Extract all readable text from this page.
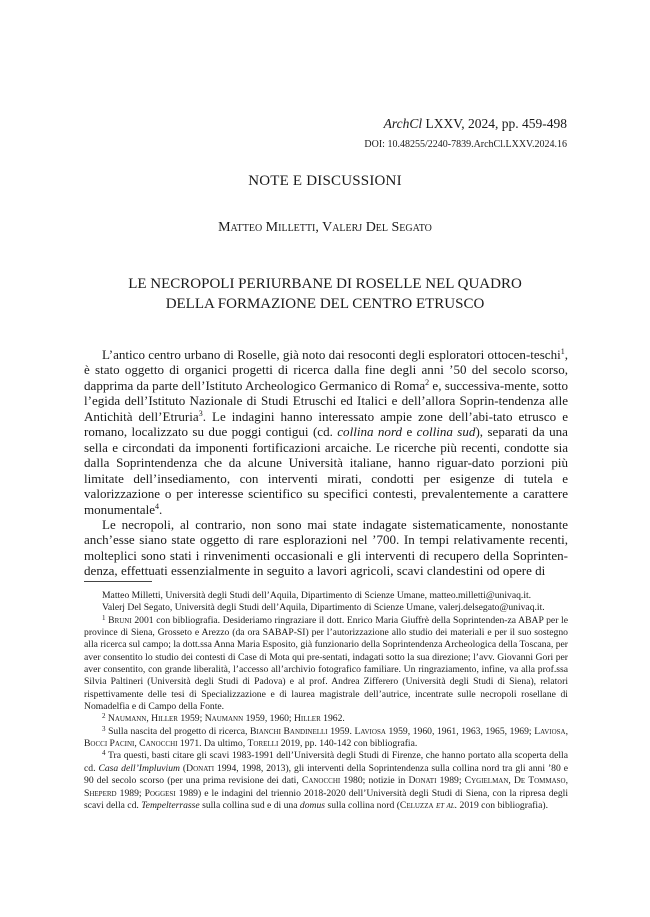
ArchCl LXXV, 2024, pp. 459-498
DOI: 10.48255/2240-7839.ArchCl.LXXV.2024.16
NOTE E DISCUSSIONI
Matteo Milletti, Valerj Del Segato
LE NECROPOLI PERIURBANE DI ROSELLE NEL QUADRO
DELLA FORMAZIONE DEL CENTRO ETRUSCO

L’antico centro urbano di Roselle, già noto dai resoconti degli esploratori ottocen-teschi$^1$, è stato oggetto di organici progetti di ricerca dalla fine degli anni ’50 del secolo scorso, dapprima da parte dell’Istituto Archeologico Germanico di Roma$^2$ e, successiva-mente, sotto l’egida dell’Istituto Nazionale di Studi Etruschi ed Italici e dell’allora Soprin-tendenza alle Antichità dell’Etruria$^3$. Le indagini hanno interessato ampie zone dell’abi-tato etrusco e romano, localizzato su due poggi contigui (cd. collina nord e collina sud), separati da una sella e circondati da imponenti fortificazioni arcaiche. Le ricerche più recenti, condotte sia dalla Soprintendenza che da alcune Università italiane, hanno riguar-dato porzioni più limitate dell’insediamento, con interventi mirati, condotti per esigenze di tutela e valorizzazione o per interesse scientifico su specifici contesti, prevalentemente a carattere monumentale$^4$.

Le necropoli, al contrario, non sono mai state indagate sistematicamente, nonostante anch’esse siano state oggetto di rare esplorazioni nel ’700. In tempi relativamente recenti, molteplici sono stati i rinvenimenti occasionali e gli interventi di recupero della Soprinten-denza, effettuati essenzialmente in seguito a lavori agricoli, scavi clandestini od opere di

Matteo Milletti, Università degli Studi dell’Aquila, Dipartimento di Scienze Umane, matteo.milletti@univaq.it.

Valerj Del Segato, Università degli Studi dell’Aquila, Dipartimento di Scienze Umane, valerj.delsegato@univaq.it.

$^1$ Bruni 2001 con bibliografia. Desideriamo ringraziare il dott. Enrico Maria Giuffrè della Soprintenden-za ABAP per le province di Siena, Grosseto e Arezzo (da ora SABAP-SI) per l’autorizzazione allo studio dei materiali e per il suo sostegno alla ricerca sul campo; la dott.ssa Anna Maria Esposito, già funzionario della Soprintendenza Archeologica della Toscana, per aver consentito lo studio dei contesti di Case di Mota qui pre-sentati, indagati sotto la sua direzione; l’avv. Giovanni Gori per aver consentito, con grande liberalità, l’accesso all’archivio fotografico familiare. Un ringraziamento, infine, va alla prof.ssa Silvia Paltineri (Università degli Studi di Padova) e al prof. Andrea Zifferero (Università degli Studi di Siena), relatori rispettivamente delle tesi di Specializzazione e di laurea magistrale dell’autrice, incentrate sulle necropoli rosellane di Nomadelfia e di Campo della Fonte.

$^2$ Naumann, Hiller 1959; Naumann 1959, 1960; Hiller 1962.

$^3$ Sulla nascita del progetto di ricerca, Bianchi Bandinelli 1959. Laviosa 1959, 1960, 1961, 1963, 1965, 1969; Laviosa, Bocci Pacini, Canocchi 1971. Da ultimo, Torelli 2019, pp. 140-142 con bibliografia.

$^4$ Tra questi, basti citare gli scavi 1983-1991 dell’Università degli Studi di Firenze, che hanno portato alla scoperta della cd. Casa dell’Impluvium (Donati 1994, 1998, 2013), gli interventi della Soprintendenza sulla collina nord tra gli anni ’80 e 90 del secolo scorso (per una prima revisione dei dati, Canocchi 1980; notizie in Donati 1989; Cygielman, De Tommaso, Sheperd 1989; Poggesi 1989) e le indagini del triennio 2018-2020 dell’Università degli Studi di Siena, con la ripresa degli scavi della cd. Tempelterrasse sulla collina sud e di una domus sulla collina nord (Celuzza et al. 2019 con bibliografia).
